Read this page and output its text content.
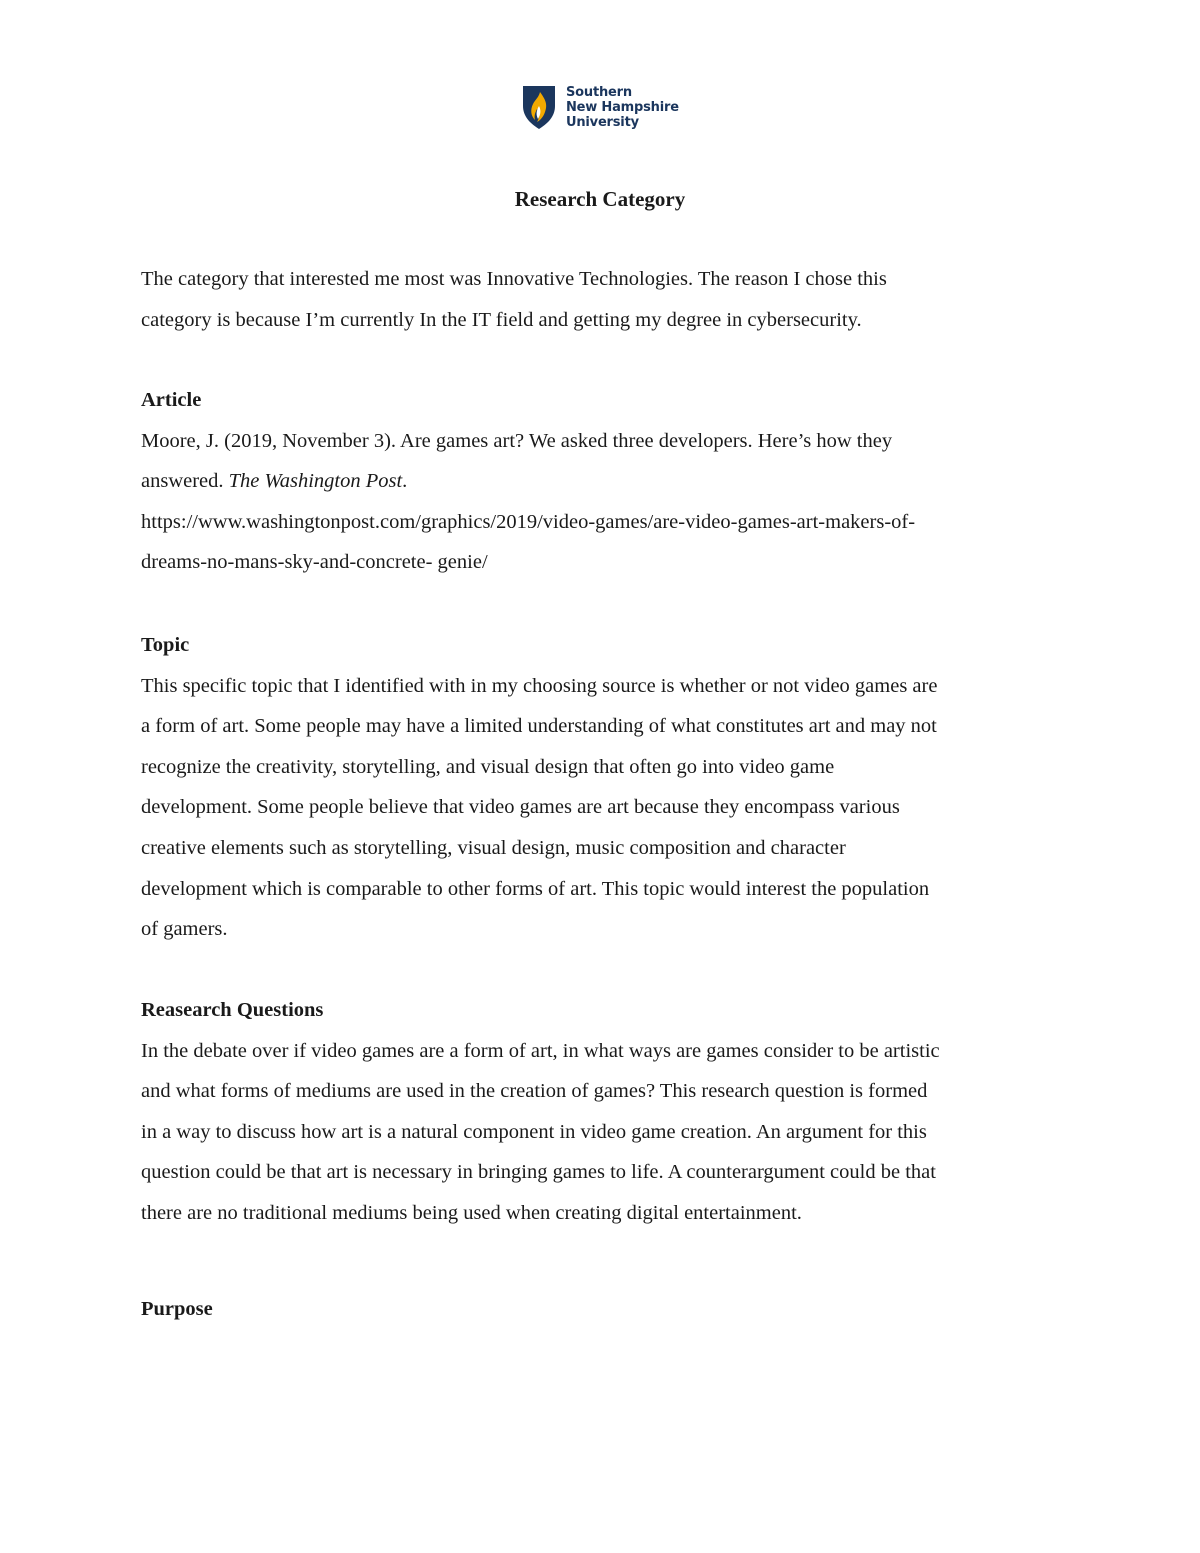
Southern
New Hampshire
University
Research Category
The category that interested me most was Innovative Technologies. The reason I chose this
category is because I’m currently In the IT field and getting my degree in cybersecurity.
Article
Moore, J. (2019, November 3). Are games art? We asked three developers. Here’s how they
answered. The Washington Post.
https://www.washingtonpost.com/graphics/2019/video-games/are-video-games-art-makers-of-
dreams-no-mans-sky-and-concrete- genie/
Topic
This specific topic that I identified with in my choosing source is whether or not video games are
a form of art. Some people may have a limited understanding of what constitutes art and may not
recognize the creativity, storytelling, and visual design that often go into video game
development. Some people believe that video games are art because they encompass various
creative elements such as storytelling, visual design, music composition and character
development which is comparable to other forms of art. This topic would interest the population
of gamers.
Reasearch Questions
In the debate over if video games are a form of art, in what ways are games consider to be artistic
and what forms of mediums are used in the creation of games? This research question is formed
in a way to discuss how art is a natural component in video game creation. An argument for this
question could be that art is necessary in bringing games to life. A counterargument could be that
there are no traditional mediums being used when creating digital entertainment.
Purpose
